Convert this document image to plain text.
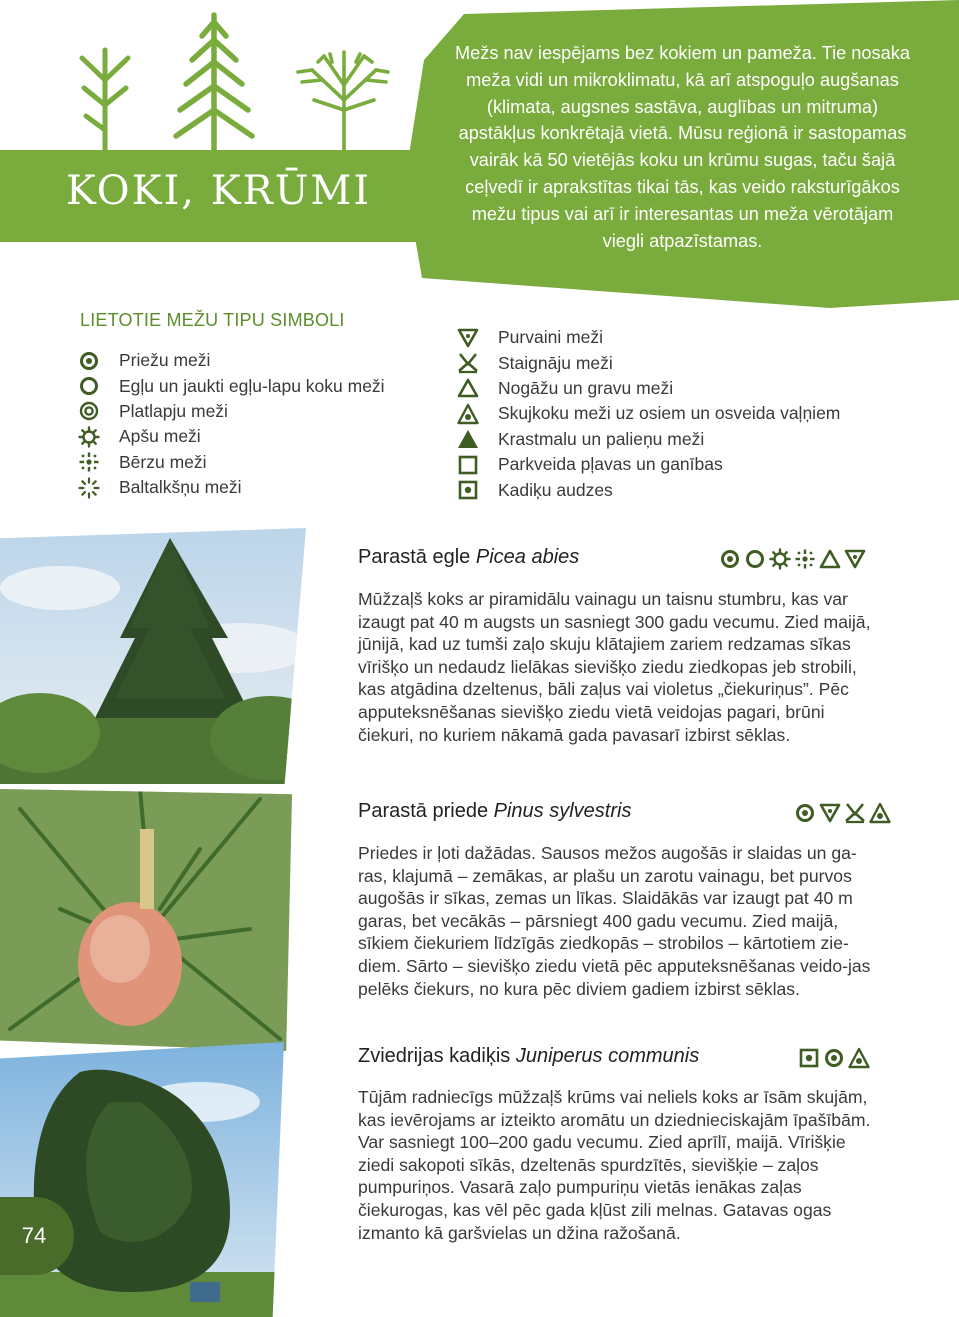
KOKI, KRŪMI

Mežs nav iespējams bez kokiem un pameža. Tie nosaka meža vidi un mikroklimatu, kā arī atspoguļo augšanas (klimata, augsnes sastāva, auglības un mitruma) apstākļus konkrētajā vietā. Mūsu reģionā ir sastopamas vairāk kā 50 vietējās koku un krūmu sugas, taču šajā ceļvedī ir aprakstītas tikai tās, kas veido raksturīgākos mežu tipus vai arī ir interesantas un meža vērotājam viegli atpazīstamas.

LIETOTIE MEŽU TIPU SIMBOLI
Priežu meži
Egļu un jaukti egļu-lapu koku meži
Platlapju meži
Apšu meži
Bērzu meži
Baltalkšņu meži
Purvaini meži
Staignāju meži
Nogāžu un gravu meži
Skujkoku meži uz osiem un osveida vaļņiem
Krastmalu un palieņu meži
Parkveida pļavas un ganības
Kadiķu audzes
Parastā egle Picea abies

Mūžzaļš koks ar piramidālu vainagu un taisnu stumbru, kas var izaugt pat 40 m augsts un sasniegt 300 gadu vecumu. Zied maijā, jūnijā, kad uz tumši zaļo skuju klātajiem zariem redzamas sīkas vīrišķo un nedaudz lielākas sievišķo ziedu ziedkopas jeb strobili, kas atgādina dzeltenus, bāli zaļus vai violetus „čiekuriņus”. Pēc apputeksnēšanas sievišķo ziedu vietā veidojas pagari, brūni čiekuri, no kuriem nākamā gada pavasarī izbirst sēklas.

Parastā priede Pinus sylvestris

Priedes ir ļoti dažādas. Sausos mežos augošās ir slaidas un ga-ras, klajumā – zemākas, ar plašu un zarotu vainagu, bet purvos augošās ir sīkas, zemas un līkas. Slaidākās var izaugt pat 40 m garas, bet vecākās – pārsniegt 400 gadu vecumu. Zied maijā, sīkiem čiekuriem līdzīgās ziedkopās – strobilos – kārtotiem zie-diem. Sārto – sievišķo ziedu vietā pēc apputeksnēšanas veido-jas pelēks čiekurs, no kura pēc diviem gadiem izbirst sēklas.

Zviedrijas kadiķis Juniperus communis

Tūjām radniecīgs mūžzaļš krūms vai neliels koks ar īsām skujām, kas ievērojams ar izteikto aromātu un dziednieciskajām īpašībām. Var sasniegt 100–200 gadu vecumu. Zied aprīlī, maijā. Vīrišķie ziedi sakopoti sīkās, dzeltenās spurdzītēs, sievišķie – zaļos pumpuriņos. Vasarā zaļo pumpuriņu vietās ienākas zaļas čiekurogas, kas vēl pēc gada kļūst zili melnas. Gatavas ogas izmanto kā garšvielas un džina ražošanā.

74
